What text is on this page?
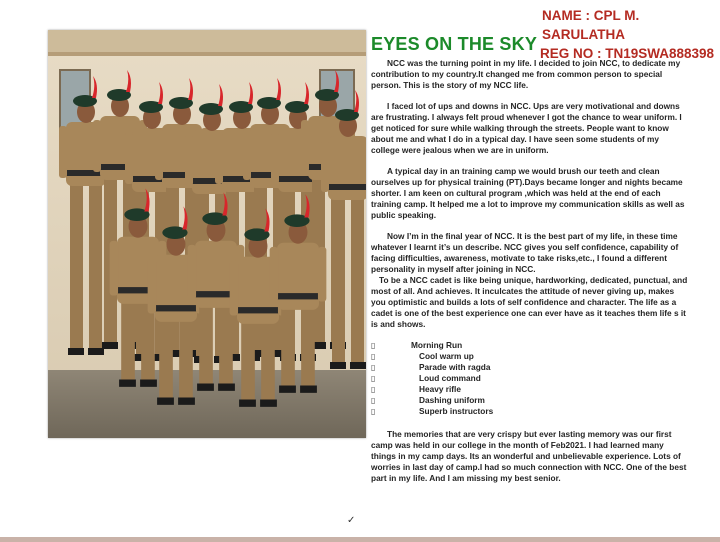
NAME : CPL M. SARULATHA
REG NO : TN19SWA888398
EYES ON THE SKY

NCC was the turning point in my life. I decided to join NCC, to dedicate my contribution to my country.It changed me from common person to special person. This is the story of my NCC life.

I faced lot of ups and downs in NCC. Ups are very motivational and downs are frustrating. I always felt proud whenever I got the chance to wear uniform. I get noticed for sure while walking through the streets. People want to know about me and what I do in a typical day. I have seen some students of my college were jealous when we are in uniform.

A typical day in an training camp we would brush our teeth and clean ourselves up for physical training (PT).Days became longer and nights became shorter. I am keen on cultural program ,which was held at the end of each training camp. It helped me a lot to improve my communication skills as well as public speaking.

Now I’m in the final year of NCC. It is the best part of my life, in these time whatever I learnt it’s un describe. NCC gives you self confidence, capability of facing difficulties, awareness, motivate to take risks,etc., I found a different personality in myself after joining in NCC.

To be a NCC cadet is like being unique, hardworking, dedicated, punctual, and most of all. And achieves. It inculcates the attitude of never giving up, makes you optimistic and builds a lots of self confidence and character. The life as a cadet is one of the best experience one can ever have as it teaches them life s it is and shows.

▯	Morning Run
▯	Cool warm up
▯	Parade with ragda
▯	Loud command
▯	Heavy rifle
▯	Dashing uniform
▯	Superb instructors

The memories that are very crispy but ever lasting memory was our first camp was held in our college in the month of Feb2021. I had learned many things in my camp days. Its an wonderful and unbelievable experience. Lots of worries in last day of camp.I had so much connection with NCC. One of the best part in my life. And I am missing my best senior.

✓
